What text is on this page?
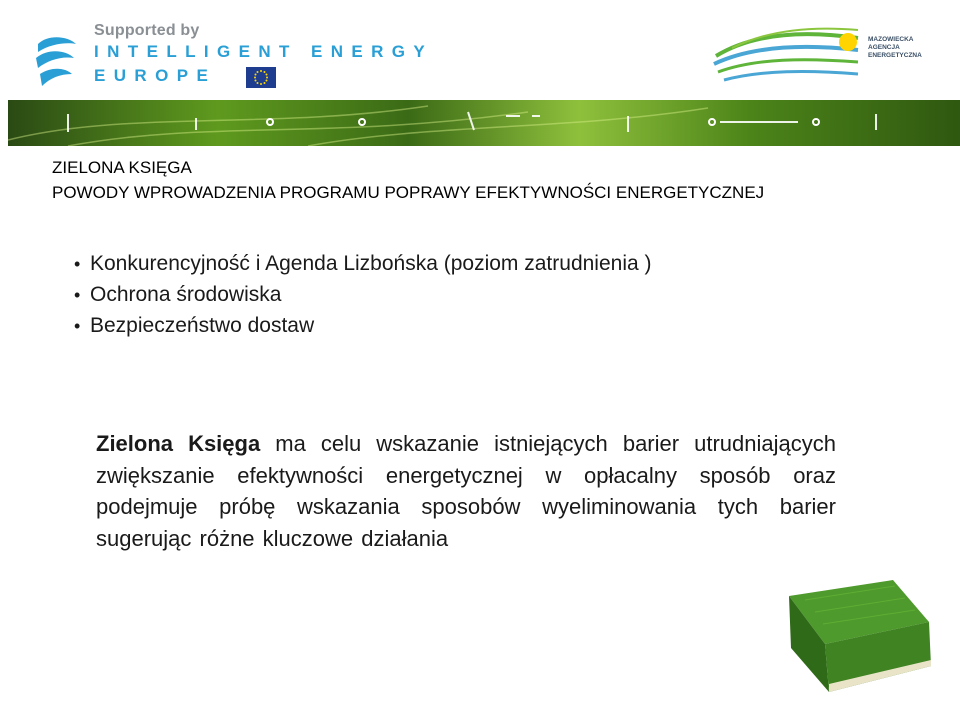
Supported by
INTELLIGENT ENERGY
EUROPE
MAZOWIECKA
AGENCJA
ENERGETYCZNA
ZIELONA KSIĘGA
POWODY WPROWADZENIA PROGRAMU POPRAWY EFEKTYWNOŚCI ENERGETYCZNEJ
• Konkurencyjność i Agenda Lizbońska (poziom zatrudnienia )
• Ochrona środowiska
• Bezpieczeństwo dostaw
Zielona Księga ma celu wskazanie istniejących barier utrudniających zwiększanie efektywności energetycznej w opłacalny sposób oraz podejmuje próbę wskazania sposobów wyeliminowania tych barier sugerując różne kluczowe działania
